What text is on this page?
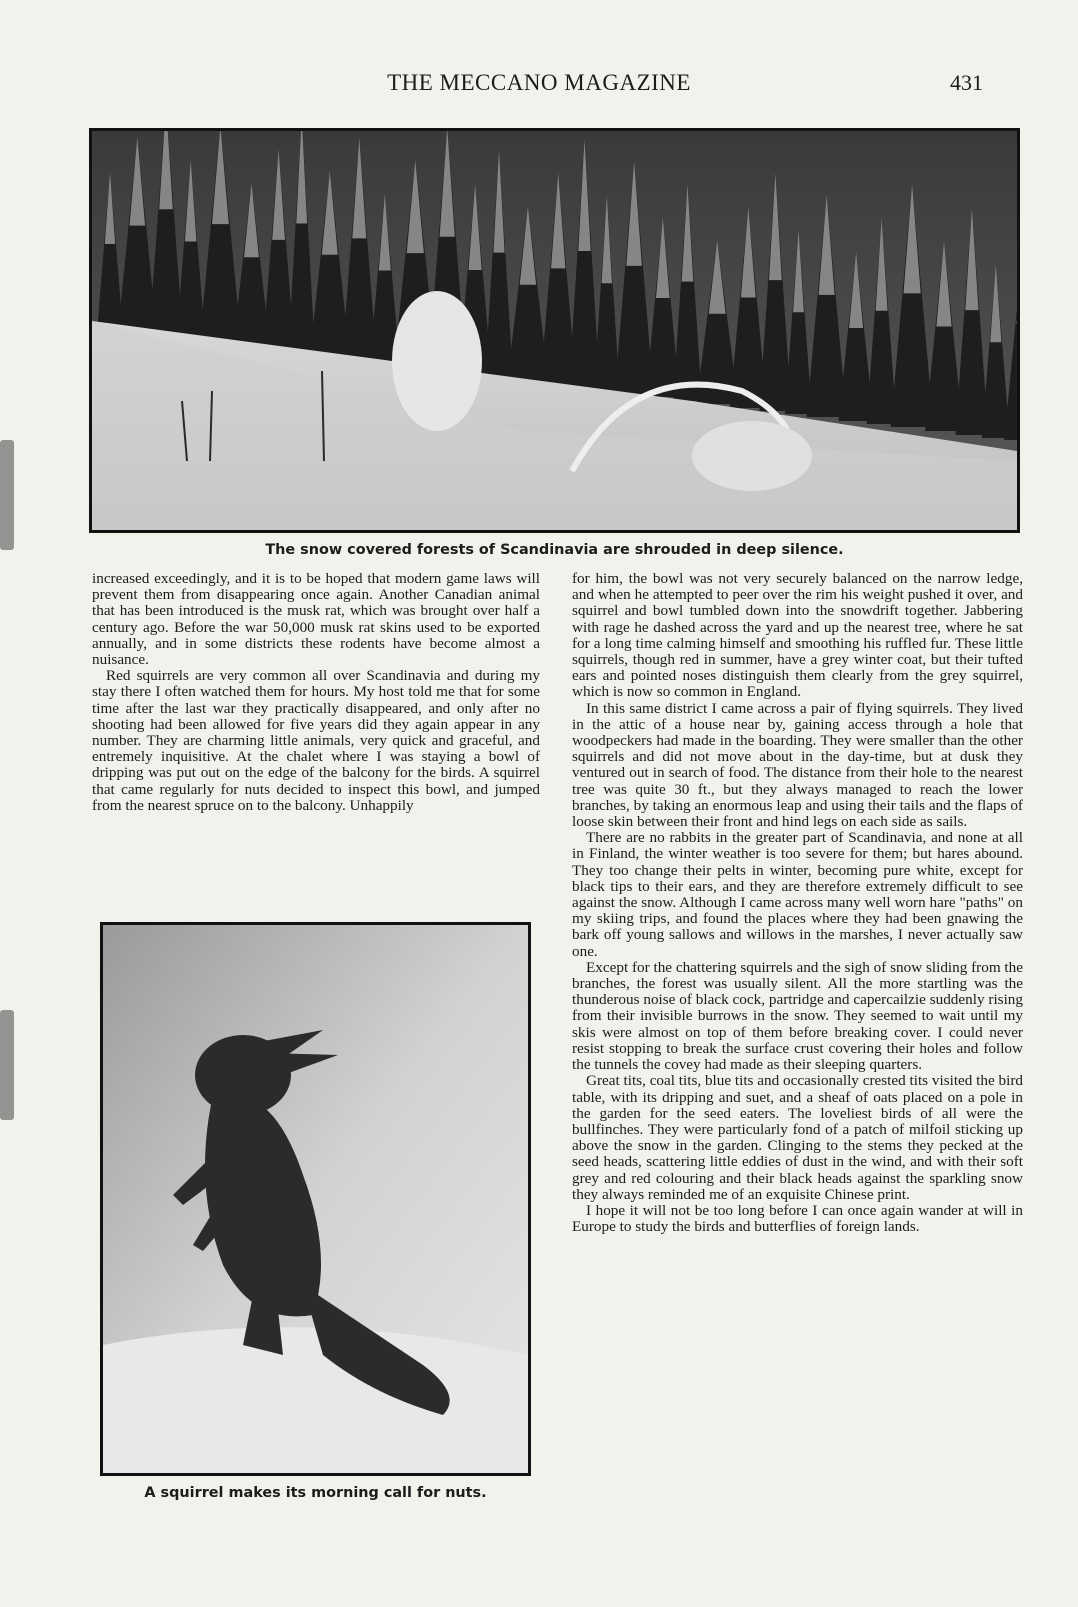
THE MECCANO MAGAZINE	431
The snow covered forests of Scandinavia are shrouded in deep silence.
A squirrel makes its morning call for nuts.

increased exceedingly, and it is to be hoped that modern game laws will prevent them from disappearing once again. Another Canadian animal that has been introduced is the musk rat, which was brought over half a century ago. Before the war 50,000 musk rat skins used to be exported annually, and in some districts these rodents have become almost a nuisance.

Red squirrels are very common all over Scandinavia and during my stay there I often watched them for hours. My host told me that for some time after the last war they practically disappeared, and only after no shooting had been allowed for five years did they again appear in any number. They are charming little animals, very quick and graceful, and entremely inquisitive. At the chalet where I was staying a bowl of dripping was put out on the edge of the balcony for the birds. A squirrel that came regularly for nuts decided to inspect this bowl, and jumped from the nearest spruce on to the balcony. Unhappily

for him, the bowl was not very securely balanced on the narrow ledge, and when he attempted to peer over the rim his weight pushed it over, and squirrel and bowl tumbled down into the snowdrift together. Jabbering with rage he dashed across the yard and up the nearest tree, where he sat for a long time calming himself and smoothing his ruffled fur. These little squirrels, though red in summer, have a grey winter coat, but their tufted ears and pointed noses distinguish them clearly from the grey squirrel, which is now so common in England.

In this same district I came across a pair of flying squirrels. They lived in the attic of a house near by, gaining access through a hole that woodpeckers had made in the boarding. They were smaller than the other squirrels and did not move about in the day-time, but at dusk they ventured out in search of food. The distance from their hole to the nearest tree was quite 30 ft., but they always managed to reach the lower branches, by taking an enormous leap and using their tails and the flaps of loose skin between their front and hind legs on each side as sails.

There are no rabbits in the greater part of Scandinavia, and none at all in Finland, the winter weather is too severe for them; but hares abound. They too change their pelts in winter, becoming pure white, except for black tips to their ears, and they are therefore extremely difficult to see against the snow. Although I came across many well worn hare "paths" on my skiing trips, and found the places where they had been gnawing the bark off young sallows and willows in the marshes, I never actually saw one.

Except for the chattering squirrels and the sigh of snow sliding from the branches, the forest was usually silent. All the more startling was the thunderous noise of black cock, partridge and capercailzie suddenly rising from their invisible burrows in the snow. They seemed to wait until my skis were almost on top of them before breaking cover. I could never resist stopping to break the surface crust covering their holes and follow the tunnels the covey had made as their sleeping quarters.

Great tits, coal tits, blue tits and occasionally crested tits visited the bird table, with its dripping and suet, and a sheaf of oats placed on a pole in the garden for the seed eaters. The loveliest birds of all were the bullfinches. They were particularly fond of a patch of milfoil sticking up above the snow in the garden. Clinging to the stems they pecked at the seed heads, scattering little eddies of dust in the wind, and with their soft grey and red colouring and their black heads against the sparkling snow they always reminded me of an exquisite Chinese print.

I hope it will not be too long before I can once again wander at will in Europe to study the birds and butterflies of foreign lands.
